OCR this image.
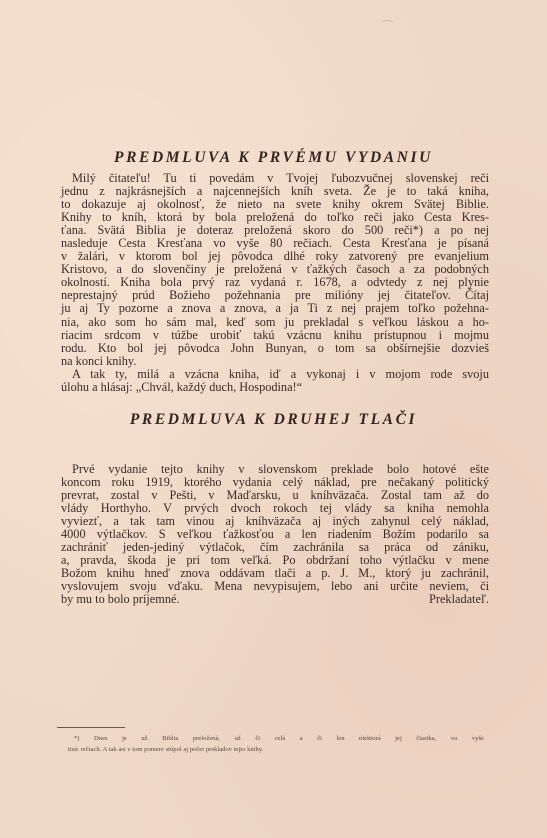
PREDMLUVA K PRVÉMU VYDANIU
Milý čitateľu! Tu ti povedám v Tvojej ľubozvučnej slovenskej reči
jednu z najkrásnejších a najcennejších kníh sveta. Že je to taká kniha,
to dokazuje aj okolnosť, že nieto na svete knihy okrem Svätej Biblie.
Knihy to kníh, ktorá by bola preložená do toľko reči jako Cesta Kres-
ťana. Svätá Biblia je doteraz preložená skoro do 500 reči*) a po nej
nasleduje Cesta Kresťana vo vyše 80 rečiach. Cesta Kresťana je písaná
v žalári, v ktorom bol jej pôvodca dlhé roky zatvorený pre evanjelium
Kristovo, a do slovenčiny je preložená v ťažkých časoch a za podobných
okolností. Kniha bola prvý raz vydaná r. 1678, a odvtedy z nej plynie
neprestajný prúd Božieho požehnania pre milióny jej čitateľov. Čítaj
ju aj Ty pozorne a znova a znova, a ja Ti z nej prajem toľko požehna-
nia, ako som ho sám mal, keď som ju prekladal s veľkou láskou a ho-
riacim srdcom v túžbe urobiť takú vzácnu knihu prístupnou i mojmu
rodu. Kto bol jej pôvodca John Bunyan, o tom sa obšírnejšie dozvieš
na konci knihy.
A tak ty, milá a vzácna kniha, iď a vykonaj i v mojom rode svoju
úlohu a hlásaj: „Chvál, každý duch, Hospodina!“
PREDMLUVA K DRUHEJ TLAČI
Prvé vydanie tejto knihy v slovenskom preklade bolo hotové ešte
koncom roku 1919, ktorého vydania celý náklad, pre nečakaný politický
prevrat, zostal v Pešti, v Maďarsku, u kníhväzača. Zostal tam až do
vlády Horthyho. V prvých dvoch rokoch tej vlády sa kniha nemohla
vyviezť, a tak tam vinou aj kníhväzača aj iných zahynul celý náklad,
4000 výtlačkov. S veľkou ťažkosťou a len riadením Božím podarilo sa
zachrániť jeden-jediný výtlačok, čím zachránila sa práca od zániku,
a, pravda, škoda je pri tom veľká. Po obdržaní toho výtlačku v mene
Božom knihu hneď znova oddávam tlači a p. J. M., ktorý ju zachránil,
vyslovujem svoju vďaku. Mena nevypisujem, lebo ani určite neviem, či
by mu to bolo príjemné.	Prekladateľ.
*) Dnes je už Biblia preložená, už či celá a či len niektorá jej čiastka, vo vyše
tisíc rečiach. A tak asi v tom pomere stúpol aj počet prekladov tejto knihy.
